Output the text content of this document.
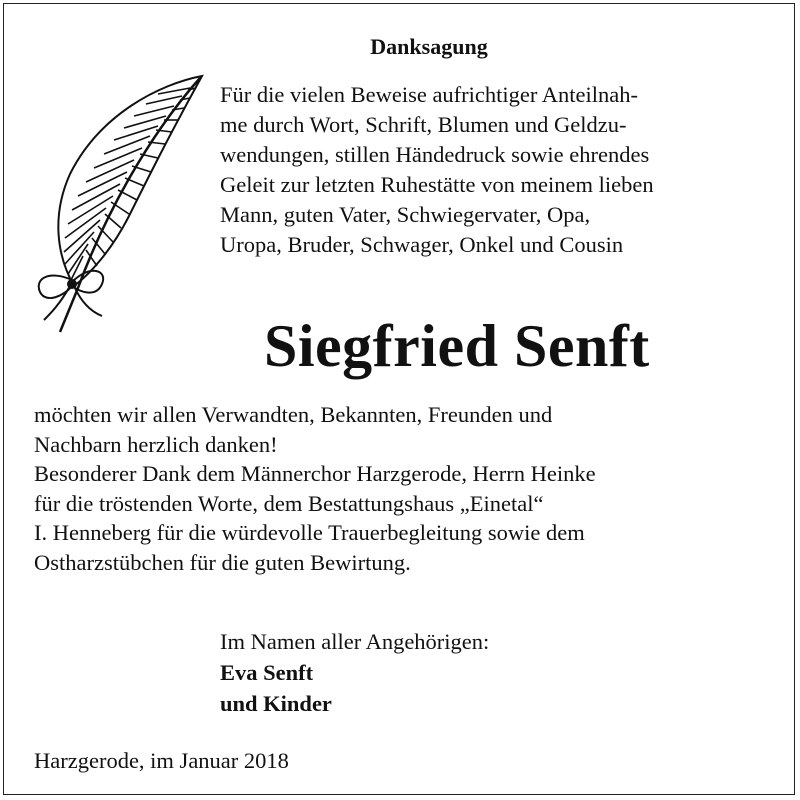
Danksagung
Für die vielen Beweise aufrichtiger Anteilnah-
me durch Wort, Schrift, Blumen und Geldzu-
wendungen, stillen Händedruck sowie ehrendes
Geleit zur letzten Ruhestätte von meinem lieben
Mann, guten Vater, Schwiegervater, Opa,
Uropa, Bruder, Schwager, Onkel und Cousin
Siegfried Senft
möchten wir allen Verwandten, Bekannten, Freunden und
Nachbarn herzlich danken!
Besonderer Dank dem Männerchor Harzgerode, Herrn Heinke
für die tröstenden Worte, dem Bestattungshaus „Einetal“
I. Henneberg für die würdevolle Trauerbegleitung sowie dem
Ostharzstübchen für die guten Bewirtung.
Im Namen aller Angehörigen:
Eva Senft
und Kinder
Harzgerode, im Januar 2018
